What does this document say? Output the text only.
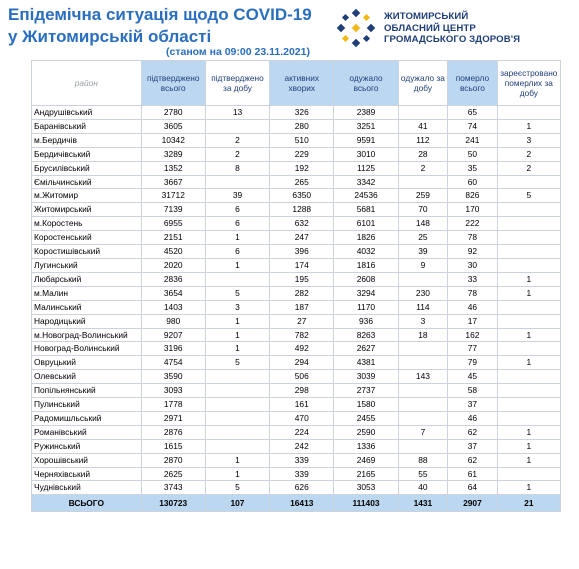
Епідемічна ситуація щодо COVID-19
у Житомирській області
(станом на 09:00 23.11.2021)
ЖИТОМИРСЬКИЙ
ОБЛАСНИЙ ЦЕНТР
ГРОМАДСЬКОГО ЗДОРОВ'Я
район	підтверджено всього	підтверджено за добу	активних хворих	одужало всього	одужало за добу	померло всього	зареєстровано померлих за добу
Андрушівський	2780	13	326	2389		65	
Баранівський	3605		280	3251	41	74	1
м.Бердичів	10342	2	510	9591	112	241	3
Бердичівський	3289	2	229	3010	28	50	2
Брусилівський	1352	8	192	1125	2	35	2
Ємільчинський	3667		265	3342		60	
м.Житомир	31712	39	6350	24536	259	826	5
Житомирський	7139	6	1288	5681	70	170	
м.Коростень	6955	6	632	6101	148	222	
Коростенський	2151	1	247	1826	25	78	
Коростишівський	4520	6	396	4032	39	92	
Лугинський	2020	1	174	1816	9	30	
Любарський	2836		195	2608		33	1
м.Малин	3654	5	282	3294	230	78	1
Малинський	1403	3	187	1170	114	46	
Народицький	980	1	27	936	3	17	
м.Новоград-Волинський	9207	1	782	8263	18	162	1
Новоград-Волинський	3196	1	492	2627		77	
Овруцький	4754	5	294	4381		79	1
Олевський	3590		506	3039	143	45	
Попільнянський	3093		298	2737		58	
Пулинський	1778		161	1580		37	
Радомишльський	2971		470	2455		46	
Романівський	2876		224	2590	7	62	1
Ружинський	1615		242	1336		37	1
Хорошівський	2870	1	339	2469	88	62	1
Черняхівський	2625	1	339	2165	55	61	
Чуднівський	3743	5	626	3053	40	64	1
ВСЬОГО	130723	107	16413	111403	1431	2907	21
